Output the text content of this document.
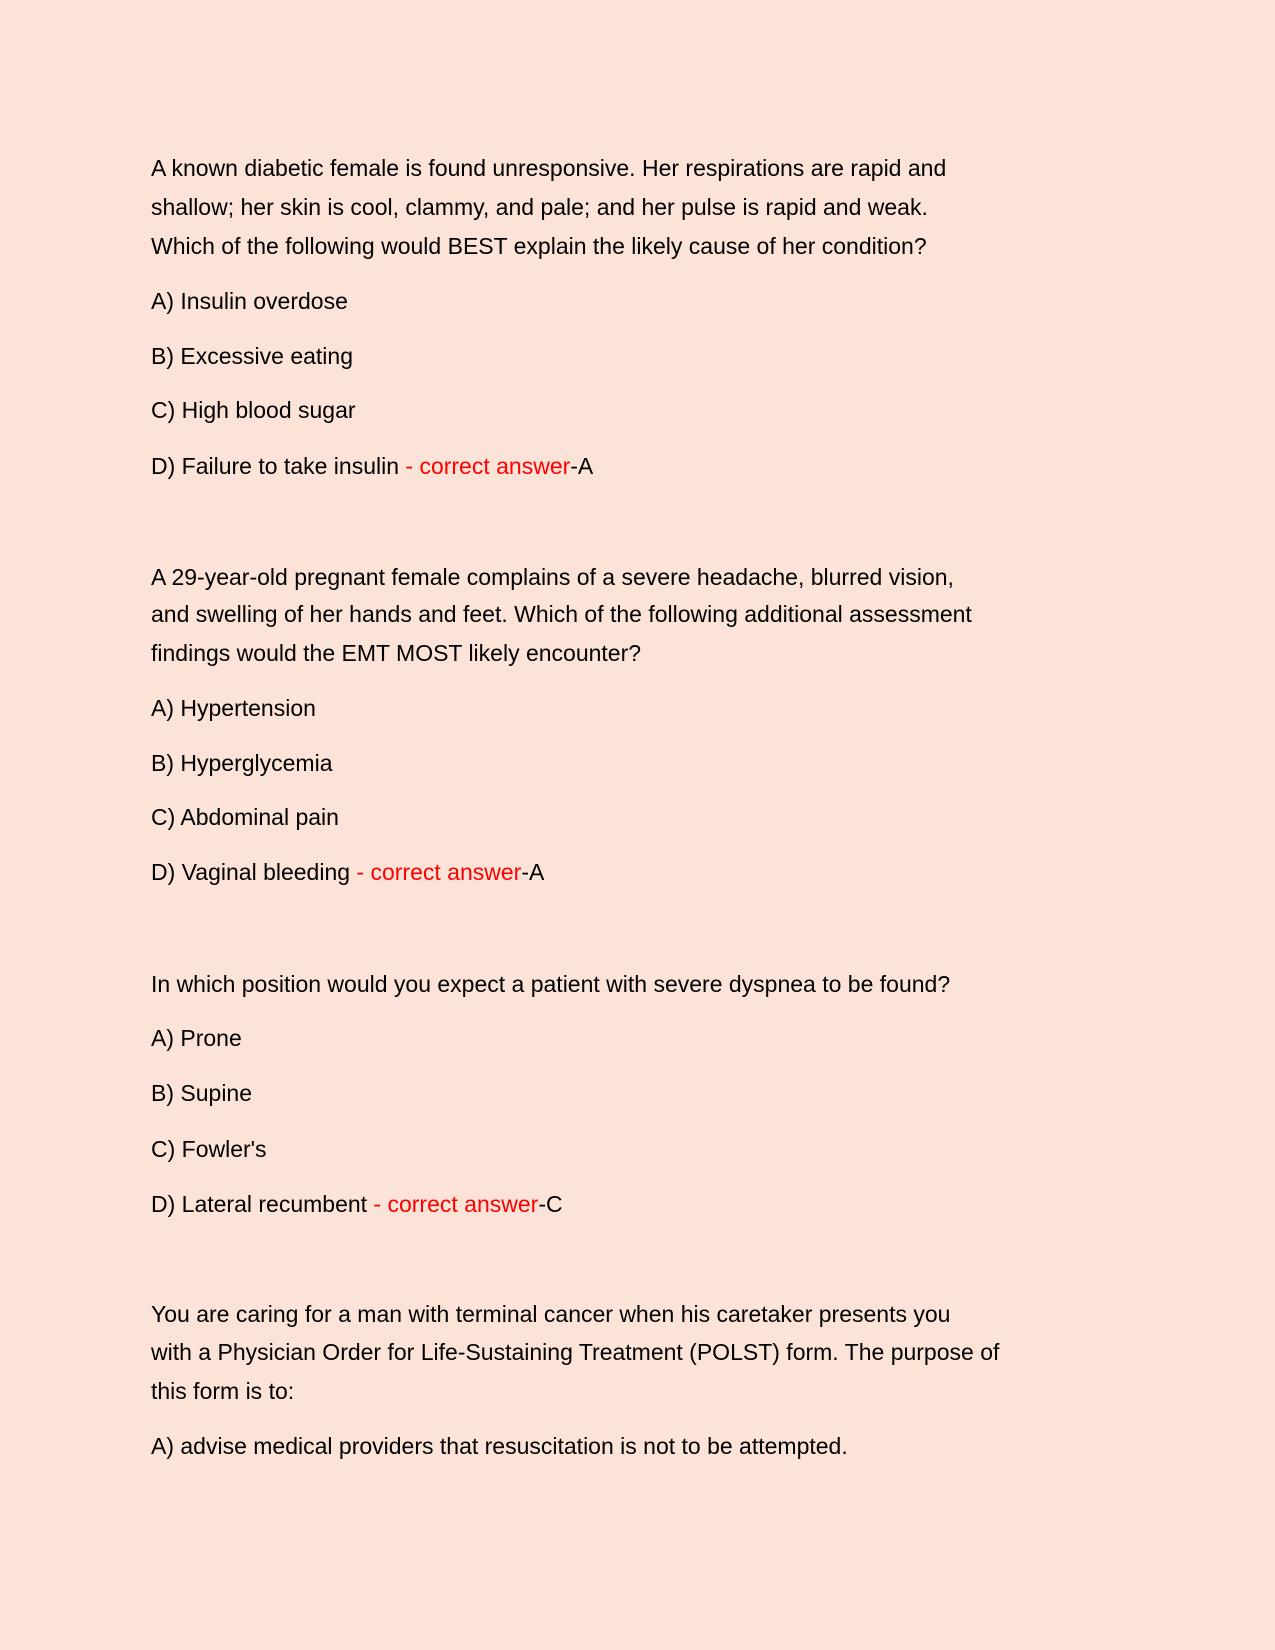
A known diabetic female is found unresponsive. Her respirations are rapid and
shallow; her skin is cool, clammy, and pale; and her pulse is rapid and weak.
Which of the following would BEST explain the likely cause of her condition?
A) Insulin overdose
B) Excessive eating
C) High blood sugar
D) Failure to take insulin - correct answer-A
A 29-year-old pregnant female complains of a severe headache, blurred vision,
and swelling of her hands and feet. Which of the following additional assessment
findings would the EMT MOST likely encounter?
A) Hypertension
B) Hyperglycemia
C) Abdominal pain
D) Vaginal bleeding - correct answer-A
In which position would you expect a patient with severe dyspnea to be found?
A) Prone
B) Supine
C) Fowler's
D) Lateral recumbent - correct answer-C
You are caring for a man with terminal cancer when his caretaker presents you
with a Physician Order for Life-Sustaining Treatment (POLST) form. The purpose of
this form is to:
A) advise medical providers that resuscitation is not to be attempted.
